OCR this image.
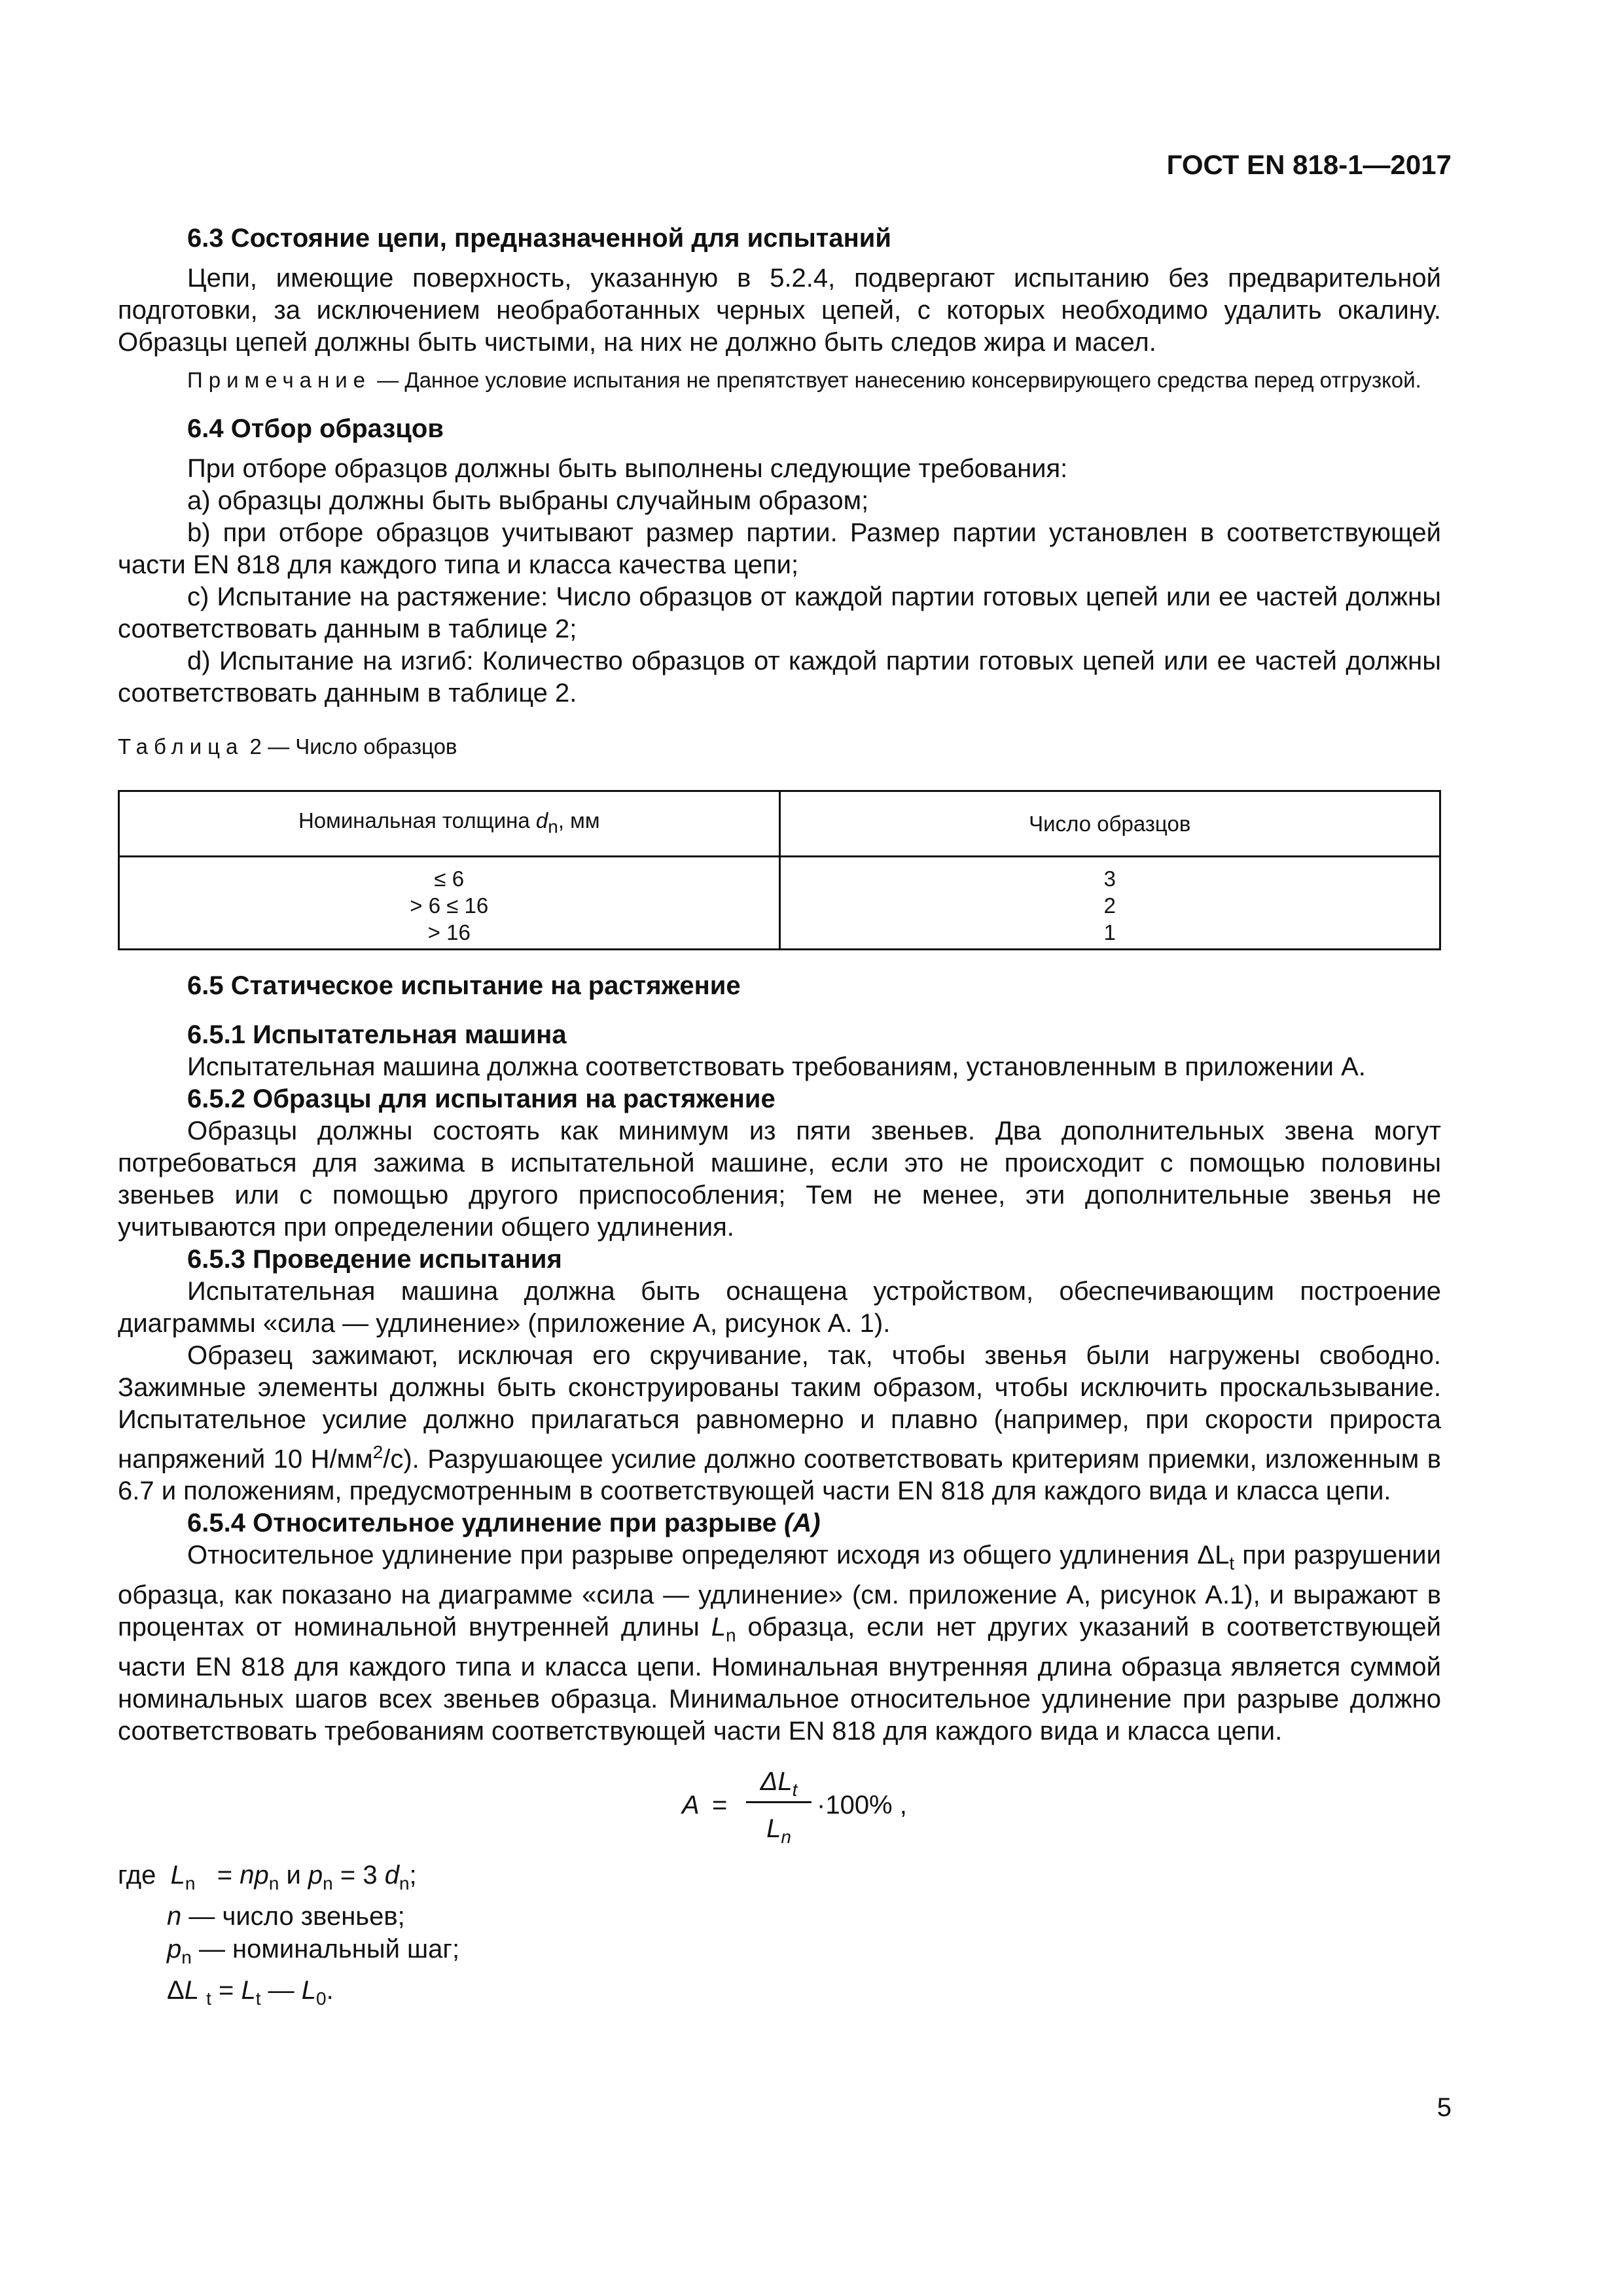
ГОСТ EN 818-1—2017

6.3 Состояние цепи, предназначенной для испытаний

Цепи, имеющие поверхность, указанную в 5.2.4, подвергают испытанию без предварительной подготовки, за исключением необработанных черных цепей, с которых необходимо удалить окалину. Образцы цепей должны быть чистыми, на них не должно быть следов жира и масел.

Примечание — Данное условие испытания не препятствует нанесению консервирующего средства перед отгрузкой.

6.4 Отбор образцов

При отборе образцов должны быть выполнены следующие требования:

а) образцы должны быть выбраны случайным образом;

b) при отборе образцов учитывают размер партии. Размер партии установлен в соответствующей части EN 818 для каждого типа и класса качества цепи;

c) Испытание на растяжение: Число образцов от каждой партии готовых цепей или ее частей должны соответствовать данным в таблице 2;

d) Испытание на изгиб: Количество образцов от каждой партии готовых цепей или ее частей должны соответствовать данным в таблице 2.

Таблица 2 — Число образцов

Номинальная толщина $d_n$, мм	Число образцов
≤ 6	3
> 6 ≤ 16	2
> 16	1

6.5 Статическое испытание на растяжение

6.5.1 Испытательная машина

Испытательная машина должна соответствовать требованиям, установленным в приложении А.

6.5.2 Образцы для испытания на растяжение

Образцы должны состоять как минимум из пяти звеньев. Два дополнительных звена могут потребоваться для зажима в испытательной машине, если это не происходит с помощью половины звеньев или с помощью другого приспособления; Тем не менее, эти дополнительные звенья не учитываются при определении общего удлинения.

6.5.3 Проведение испытания

Испытательная машина должна быть оснащена устройством, обеспечивающим построение диаграммы «сила — удлинение» (приложение А, рисунок А. 1).

Образец зажимают, исключая его скручивание, так, чтобы звенья были нагружены свободно. Зажимные элементы должны быть сконструированы таким образом, чтобы исключить проскальзывание. Испытательное усилие должно прилагаться равномерно и плавно (например, при скорости прироста напряжений 10 $Н/мм^2/с$). Разрушающее усилие должно соответствовать критериям приемки, изложенным в 6.7 и положениям, предусмотренным в соответствующей части EN 818 для каждого вида и класса цепи.

6.5.4 Относительное удлинение при разрыве (А)

Относительное удлинение при разрыве определяют исходя из общего удлинения $\Delta L_t$ при разрушении образца, как показано на диаграмме «сила — удлинение» (см. приложение А, рисунок А.1), и выражают в процентах от номинальной внутренней длины $L_n$ образца, если нет других указаний в соответствующей части EN 818 для каждого типа и класса цепи. Номинальная внутренняя длина образца является суммой номинальных шагов всех звеньев образца. Минимальное относительное удлинение при разрыве должно соответствовать требованиям соответствующей части EN 818 для каждого вида и класса цепи.

A =
$\Delta L_t$
$L_n$
·100% ,
где $L_n = np_n$ и $p_n = 3$ $d_n$;
n — число звеньев;
$p_n$ — номинальный шаг;
ΔL $_t = L_t$ — $L_0$.
5
